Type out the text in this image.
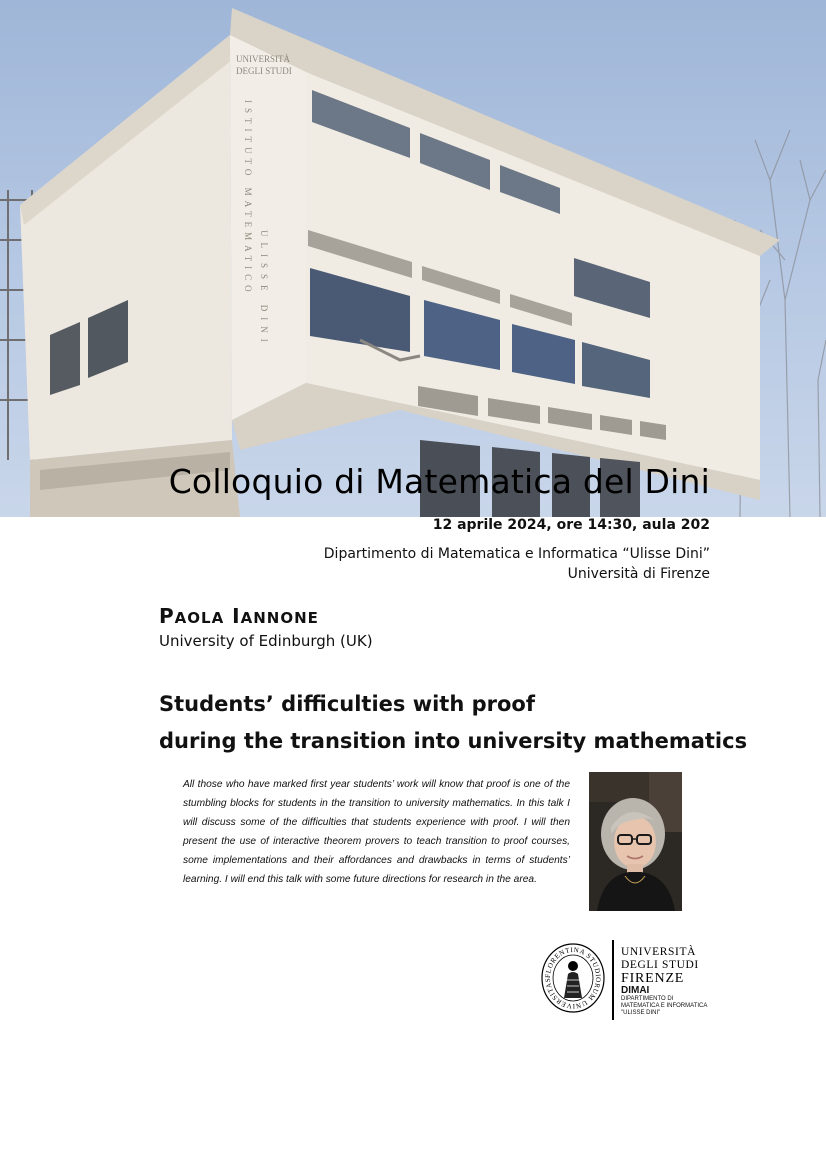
UNIVERSITÀ
DEGLI STUDI
ISTITUTO MATEMATICO ULISSE DINI
Colloquio di Matematica del Dini
12 aprile 2024, ore 14:30, aula 202
Dipartimento di Matematica e Informatica “Ulisse Dini”
Università di Firenze
PAOLA IANNONE
University of Edinburgh (UK)
Students’ difficulties with proof
during the transition into university mathematics
All those who have marked first year students’ work will know that proof is one of the stumbling blocks for students in the transition to university mathematics. In this talk I will discuss some of the difficulties that students experience with proof. I will then present the use of interactive theorem provers to teach transition to proof courses, some implementations and their affordances and drawbacks in terms of students’ learning. I will end this talk with some future directions for research in the area.
FLORENTINA STUDIORUM UNIVERSITAS
UNIVERSITÀ
DEGLI STUDI
FIRENZE
DIMAI
DIPARTIMENTO DI
MATEMATICA E INFORMATICA
"ULISSE DINI"
